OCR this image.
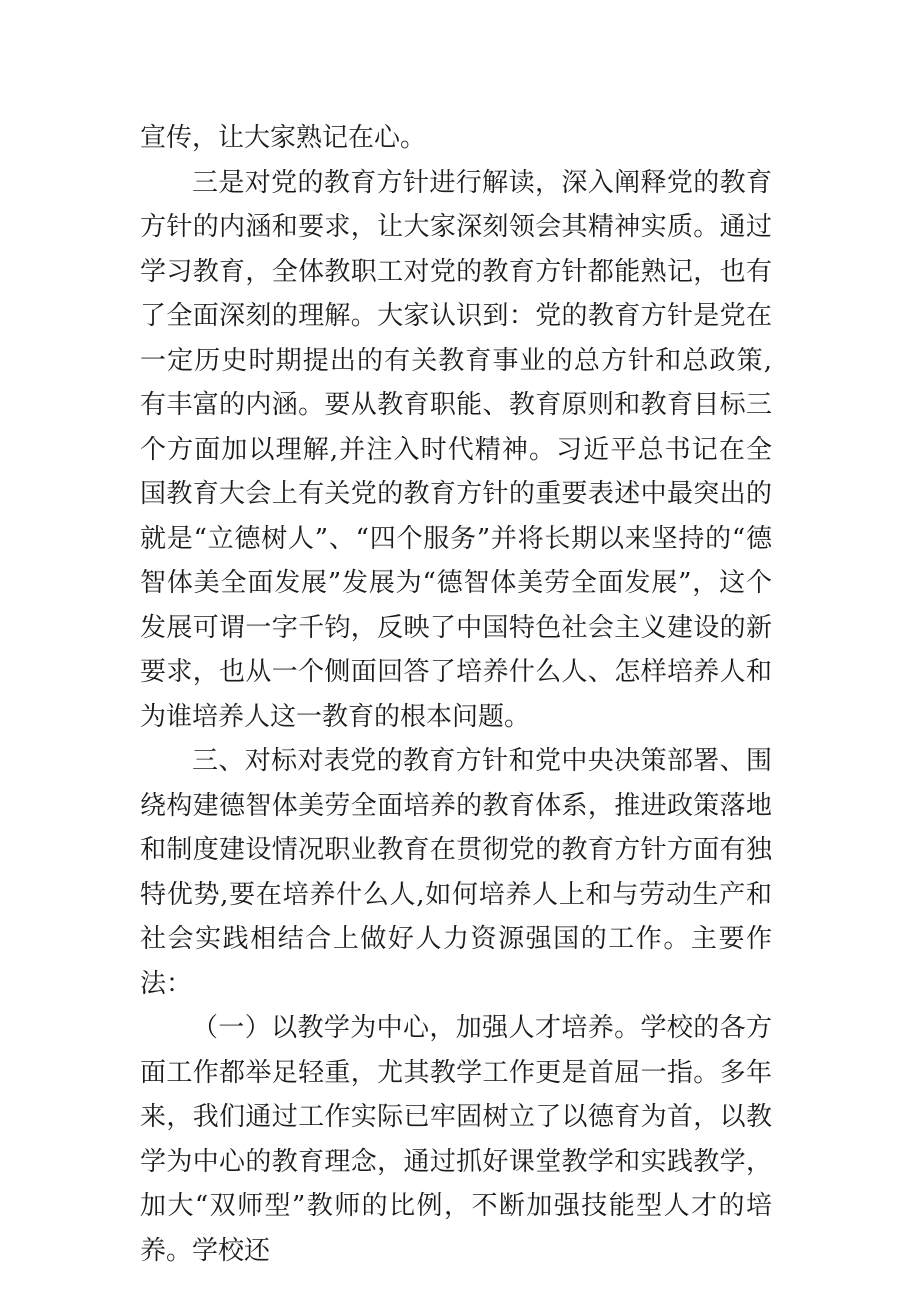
宣传，让大家熟记在心。

三是对党的教育方针进行解读，深入阐释党的教育方针的内涵和要求，让大家深刻领会其精神实质。通过学习教育，全体教职工对党的教育方针都能熟记，也有了全面深刻的理解。大家认识到：党的教育方针是党在一定历史时期提出的有关教育事业的总方针和总政策,有丰富的内涵。要从教育职能、教育原则和教育目标三个方面加以理解,并注入时代精神。习近平总书记在全国教育大会上有关党的教育方针的重要表述中最突出的就是“立德树人”、“四个服务”并将长期以来坚持的“德智体美全面发展”发展为“德智体美劳全面发展”，这个发展可谓一字千钧，反映了中国特色社会主义建设的新要求，也从一个侧面回答了培养什么人、怎样培养人和为谁培养人这一教育的根本问题。

三、对标对表党的教育方针和党中央决策部署、围绕构建德智体美劳全面培养的教育体系，推进政策落地和制度建设情况职业教育在贯彻党的教育方针方面有独特优势,要在培养什么人,如何培养人上和与劳动生产和社会实践相结合上做好人力资源强国的工作。主要作法：

（一）以教学为中心，加强人才培养。学校的各方面工作都举足轻重，尤其教学工作更是首屈一指。多年来，我们通过工作实际已牢固树立了以德育为首，以教学为中心的教育理念，通过抓好课堂教学和实践教学，加大“双师型”教师的比例，不断加强技能型人才的培养。学校还
